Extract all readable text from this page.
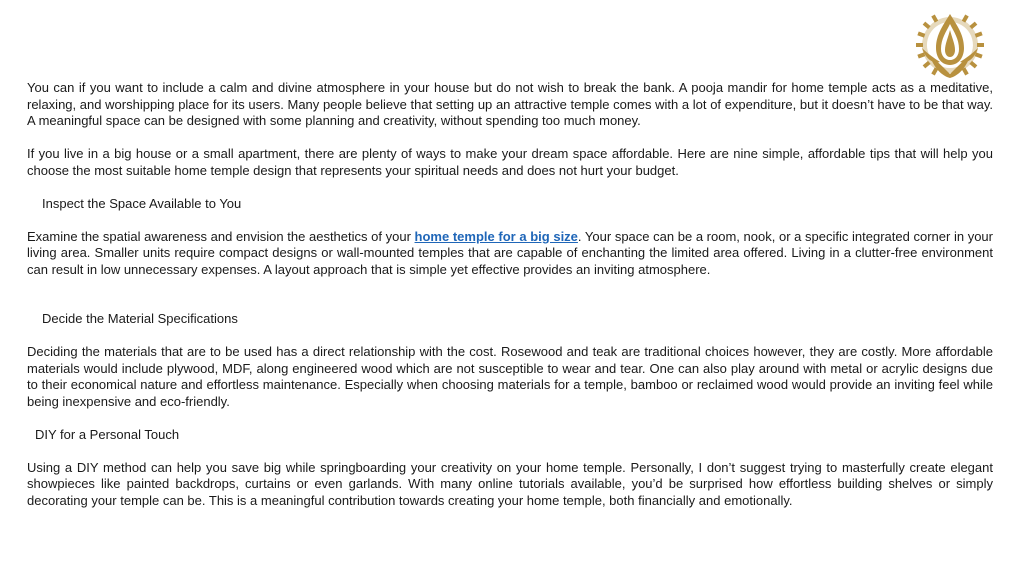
You can if you want to include a calm and divine atmosphere in your house but do not wish to break the bank. A pooja mandir for home temple acts as a meditative, relaxing, and worshipping place for its users. Many people believe that setting up an attractive temple comes with a lot of expenditure, but it doesn’t have to be that way. A meaningful space can be designed with some planning and creativity, without spending too much money.

If you live in a big house or a small apartment, there are plenty of ways to make your dream space affordable. Here are nine simple, affordable tips that will help you choose the most suitable home temple design that represents your spiritual needs and does not hurt your budget.

Inspect the Space Available to You

Examine the spatial awareness and envision the aesthetics of your home temple for a big size. Your space can be a room, nook, or a specific integrated corner in your living area. Smaller units require compact designs or wall-mounted temples that are capable of enchanting the limited area offered. Living in a clutter-free environment can result in low unnecessary expenses. A layout approach that is simple yet effective provides an inviting atmosphere.

Decide the Material Specifications

Deciding the materials that are to be used has a direct relationship with the cost. Rosewood and teak are traditional choices however, they are costly. More affordable materials would include plywood, MDF, along engineered wood which are not susceptible to wear and tear. One can also play around with metal or acrylic designs due to their economical nature and effortless maintenance. Especially when choosing materials for a temple, bamboo or reclaimed wood would provide an inviting feel while being inexpensive and eco-friendly.

DIY for a Personal Touch

Using a DIY method can help you save big while springboarding your creativity on your home temple. Personally, I don’t suggest trying to masterfully create elegant showpieces like painted backdrops, curtains or even garlands. With many online tutorials available, you’d be surprised how effortless building shelves or simply decorating your temple can be. This is a meaningful contribution towards creating your home temple, both financially and emotionally.
